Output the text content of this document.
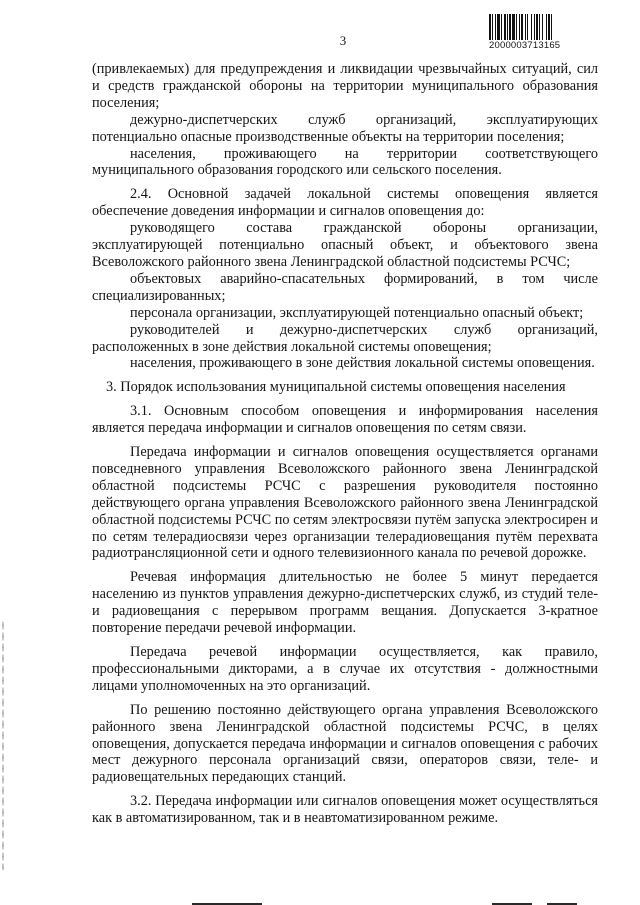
3	2000003713165

(привлекаемых) для предупреждения и ликвидации чрезвычайных ситуаций, сил и средств гражданской обороны на территории муниципального образования поселения;

дежурно-диспетчерских служб организаций, эксплуатирующих потенциально опасные производственные объекты на территории поселения;

населения, проживающего на территории соответствующего муниципального образования городского или сельского поселения.

2.4. Основной задачей локальной системы оповещения является обеспечение доведения информации и сигналов оповещения до:

руководящего состава гражданской обороны организации, эксплуатирующей потенциально опасный объект, и объектового звена Всеволожского районного звена Ленинградской областной подсистемы РСЧС;

объектовых аварийно-спасательных формирований, в том числе специализированных;

персонала организации, эксплуатирующей потенциально опасный объект;

руководителей и дежурно-диспетчерских служб организаций, расположенных в зоне действия локальной системы оповещения;

населения, проживающего в зоне действия локальной системы оповещения.

3. Порядок использования муниципальной системы оповещения населения

3.1. Основным способом оповещения и информирования населения является передача информации и сигналов оповещения по сетям связи.

Передача информации и сигналов оповещения осуществляется органами повседневного управления Всеволожского районного звена Ленинградской областной подсистемы РСЧС с разрешения руководителя постоянно действующего органа управления Всеволожского районного звена Ленинградской областной подсистемы РСЧС по сетям электросвязи путём запуска электросирен и по сетям телерадиосвязи через организации телерадиовещания путём перехвата радиотрансляционной сети и одного телевизионного канала по речевой дорожке.

Речевая информация длительностью не более 5 минут передается населению из пунктов управления дежурно-диспетчерских служб, из студий теле- и радиовещания с перерывом программ вещания. Допускается 3-кратное повторение передачи речевой информации.

Передача речевой информации осуществляется, как правило, профессиональными дикторами, а в случае их отсутствия - должностными лицами уполномоченных на это организаций.

По решению постоянно действующего органа управления Всеволожского районного звена Ленинградской областной подсистемы РСЧС, в целях оповещения, допускается передача информации и сигналов оповещения с рабочих мест дежурного персонала организаций связи, операторов связи, теле- и радиовещательных передающих станций.

3.2. Передача информации или сигналов оповещения может осуществляться как в автоматизированном, так и в неавтоматизированном режиме.
